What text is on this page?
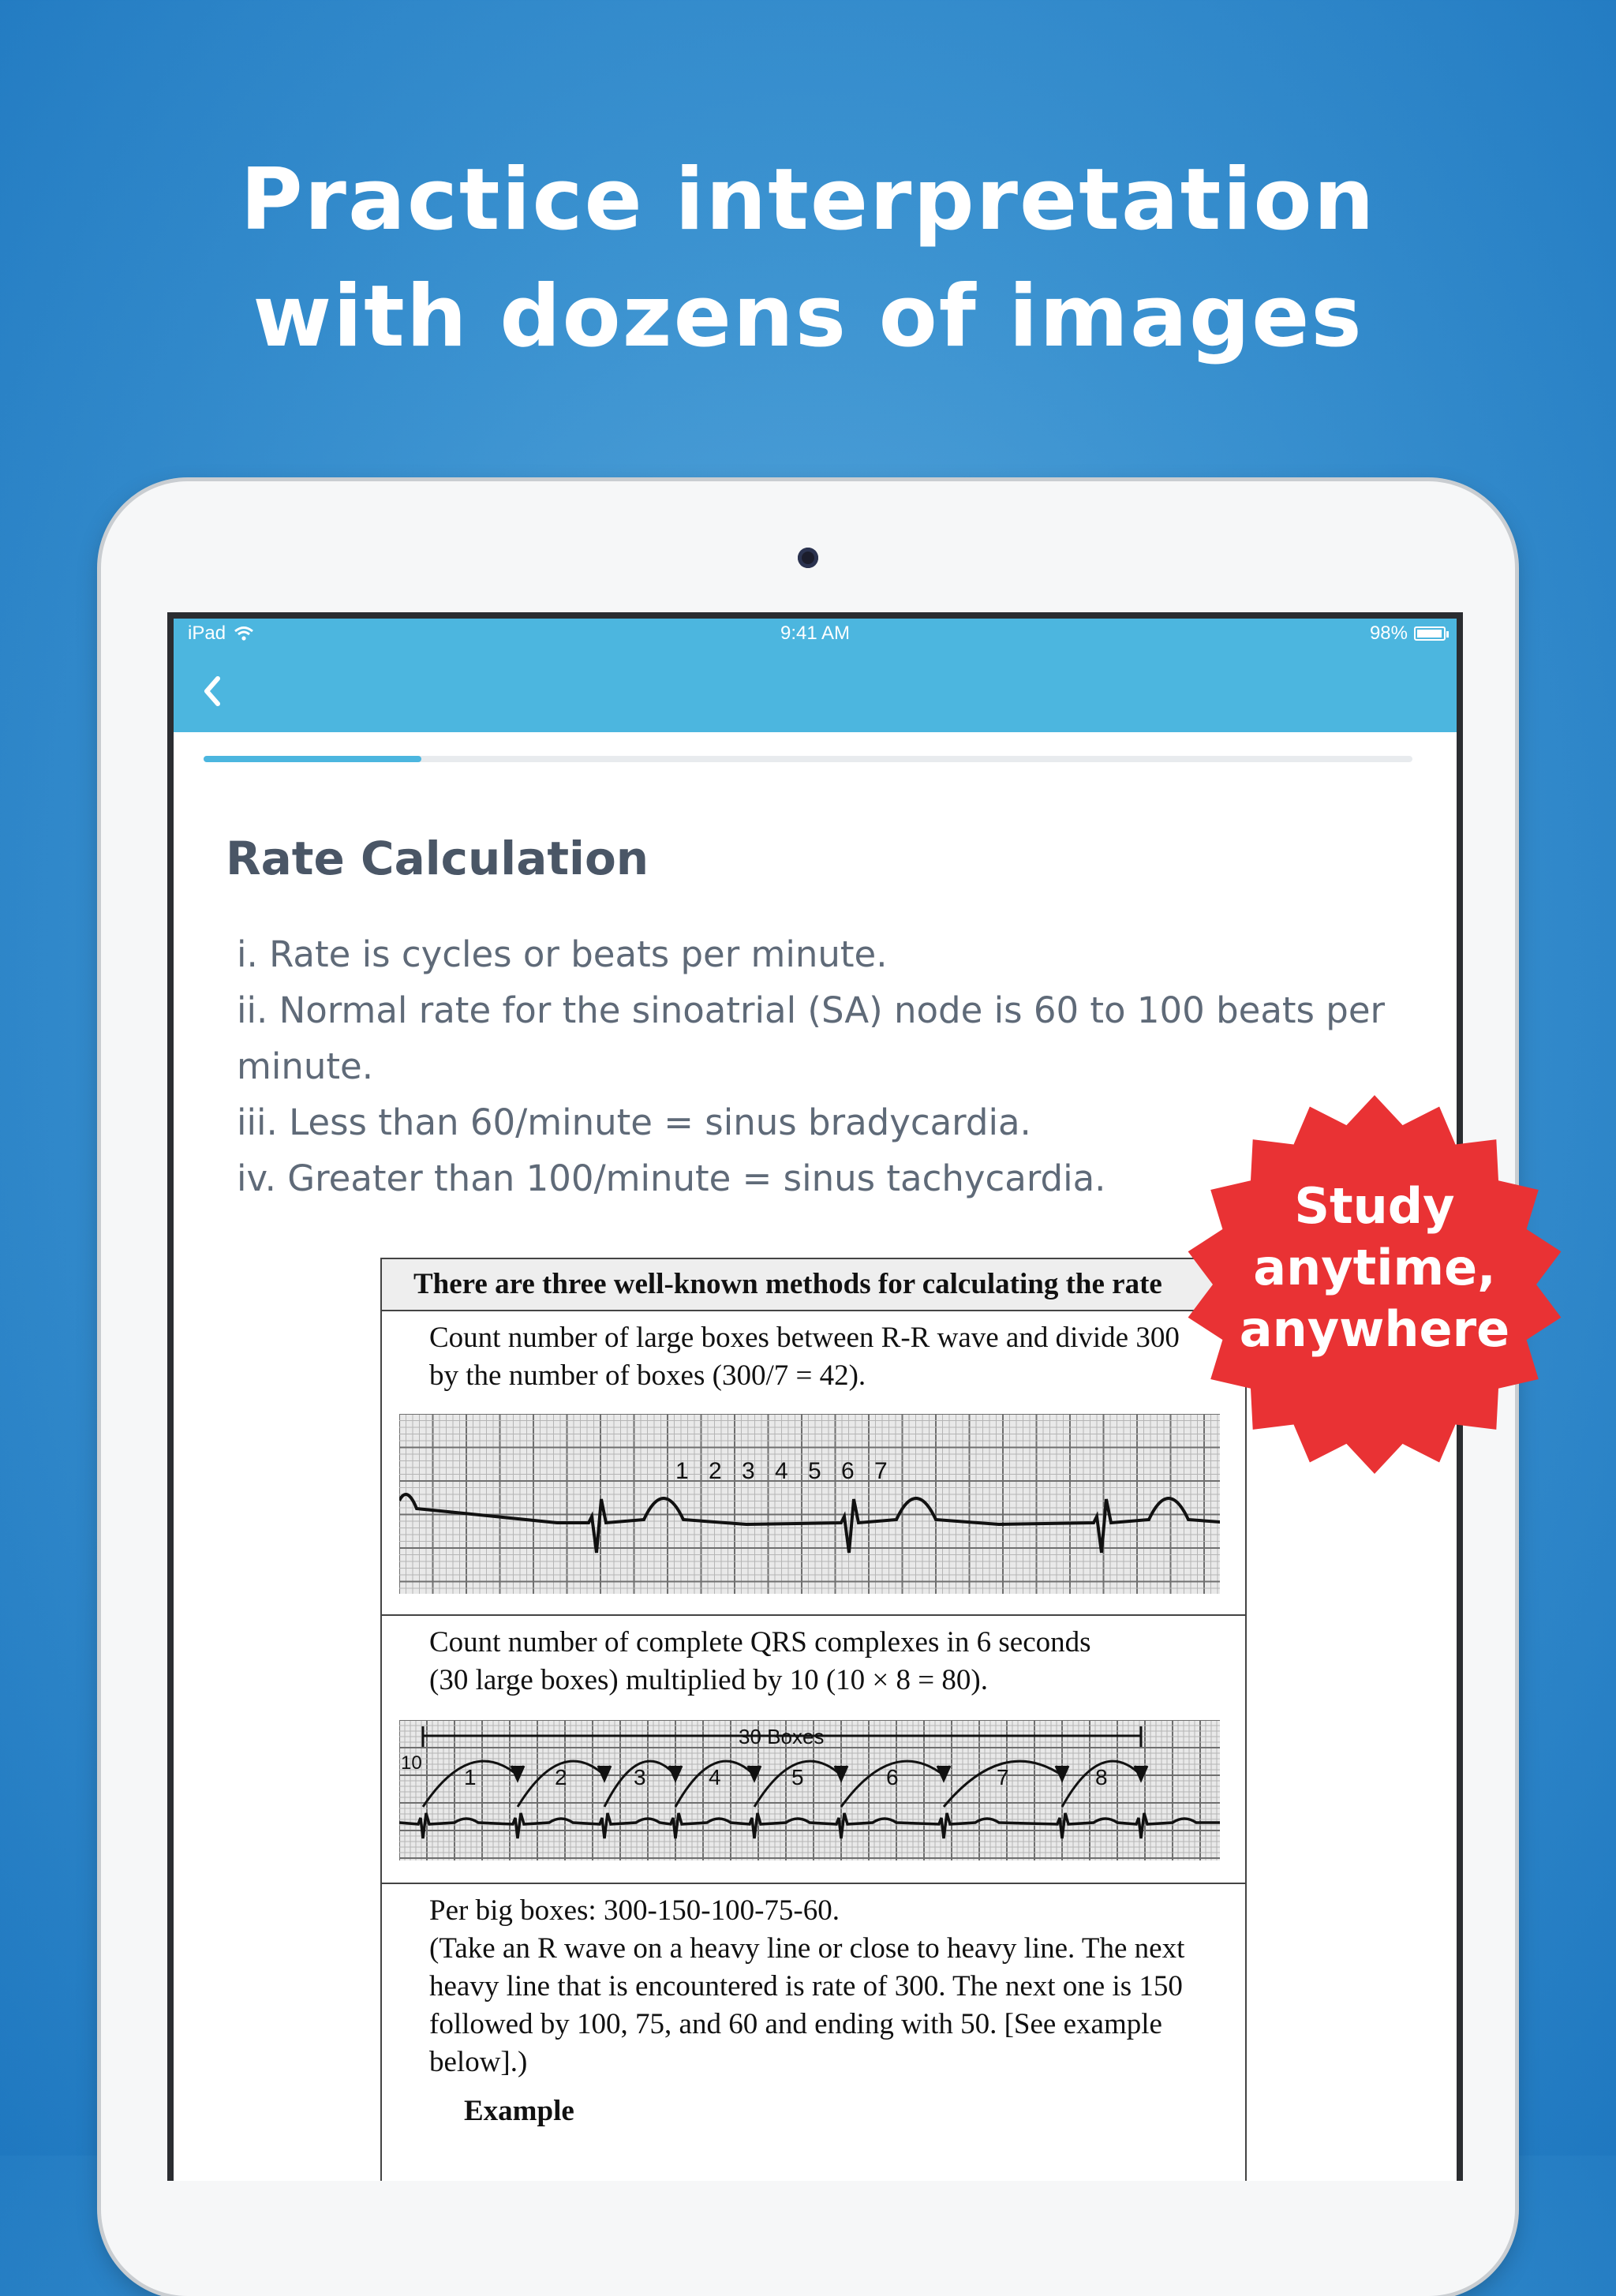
Practice interpretation
with dozens of images
iPad	9:41 AM	98%
Rate Calculation
i. Rate is cycles or beats per minute.
ii. Normal rate for the sinoatrial (SA) node is 60 to 100 beats per
minute.
iii. Less than 60/minute = sinus bradycardia.
iv. Greater than 100/minute = sinus tachycardia.
There are three well-known methods for calculating the rate
Count number of large boxes between R-R wave and divide 300
by the number of boxes (300/7 = 42).
1 2 3 4 5 6 7
Count number of complete QRS complexes in 6 seconds
(30 large boxes) multiplied by 10 (10 × 8 = 80).
30 Boxes
10
1	2	3	4	5	6	7	8
Per big boxes: 300-150-100-75-60.
(Take an R wave on a heavy line or close to heavy line. The next
heavy line that is encountered is rate of 300. The next one is 150
followed by 100, 75, and 60 and ending with 50. [See example
below].)
Example
Study
anytime,
anywhere
